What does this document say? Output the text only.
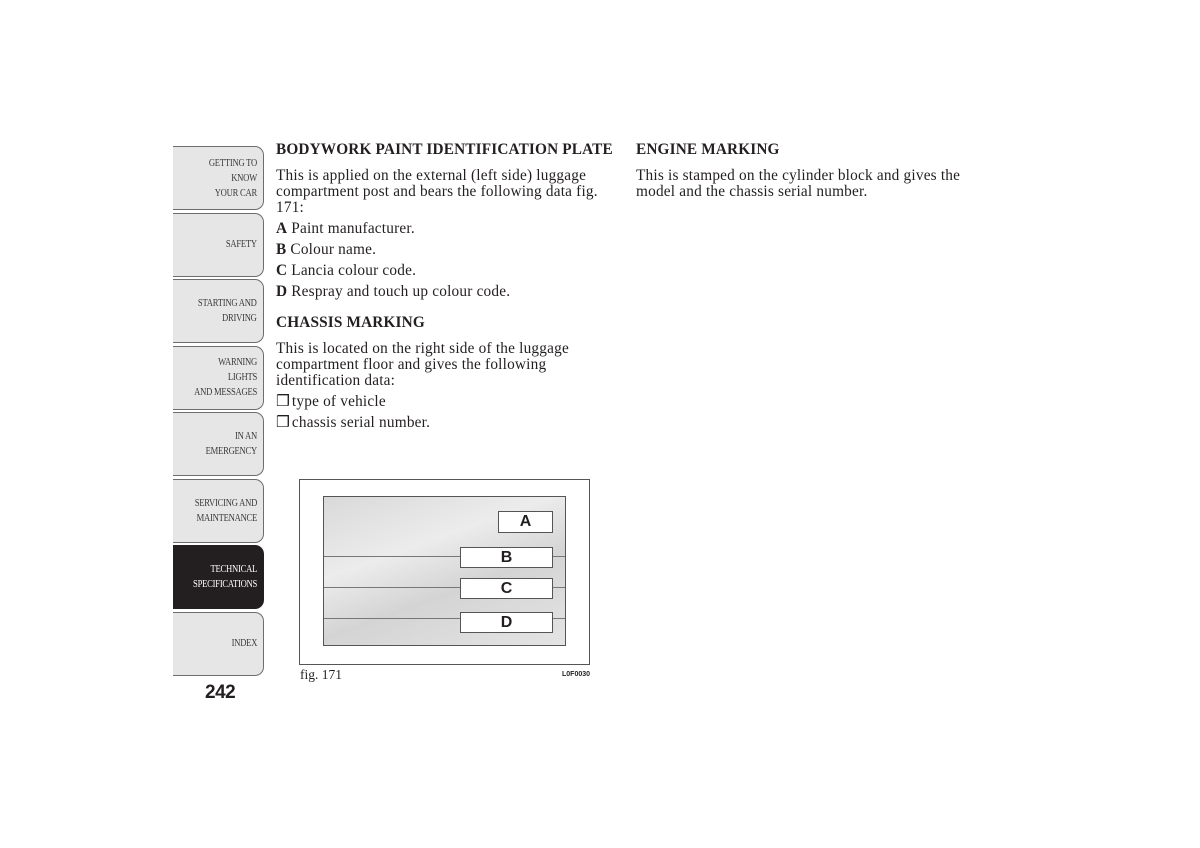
GETTING TO KNOW
YOUR CAR
SAFETY
STARTING AND
DRIVING
WARNING LIGHTS
AND MESSAGES
IN AN EMERGENCY
SERVICING AND
MAINTENANCE
TECHNICAL
SPECIFICATIONS
INDEX
242
BODYWORK PAINT IDENTIFICATION PLATE

This is applied on the external (left side) luggage compartment post and bears the following data fig. 171:

A Paint manufacturer.

B Colour name.

C Lancia colour code.

D Respray and touch up colour code.

CHASSIS MARKING

This is located on the right side of the luggage compartment floor and gives the following identification data:

❒ type of vehicle

❒ chassis serial number.

ENGINE MARKING

This is stamped on the cylinder block and gives the model and the chassis serial number.

A
B
C
D
fig. 171	L0F0030
